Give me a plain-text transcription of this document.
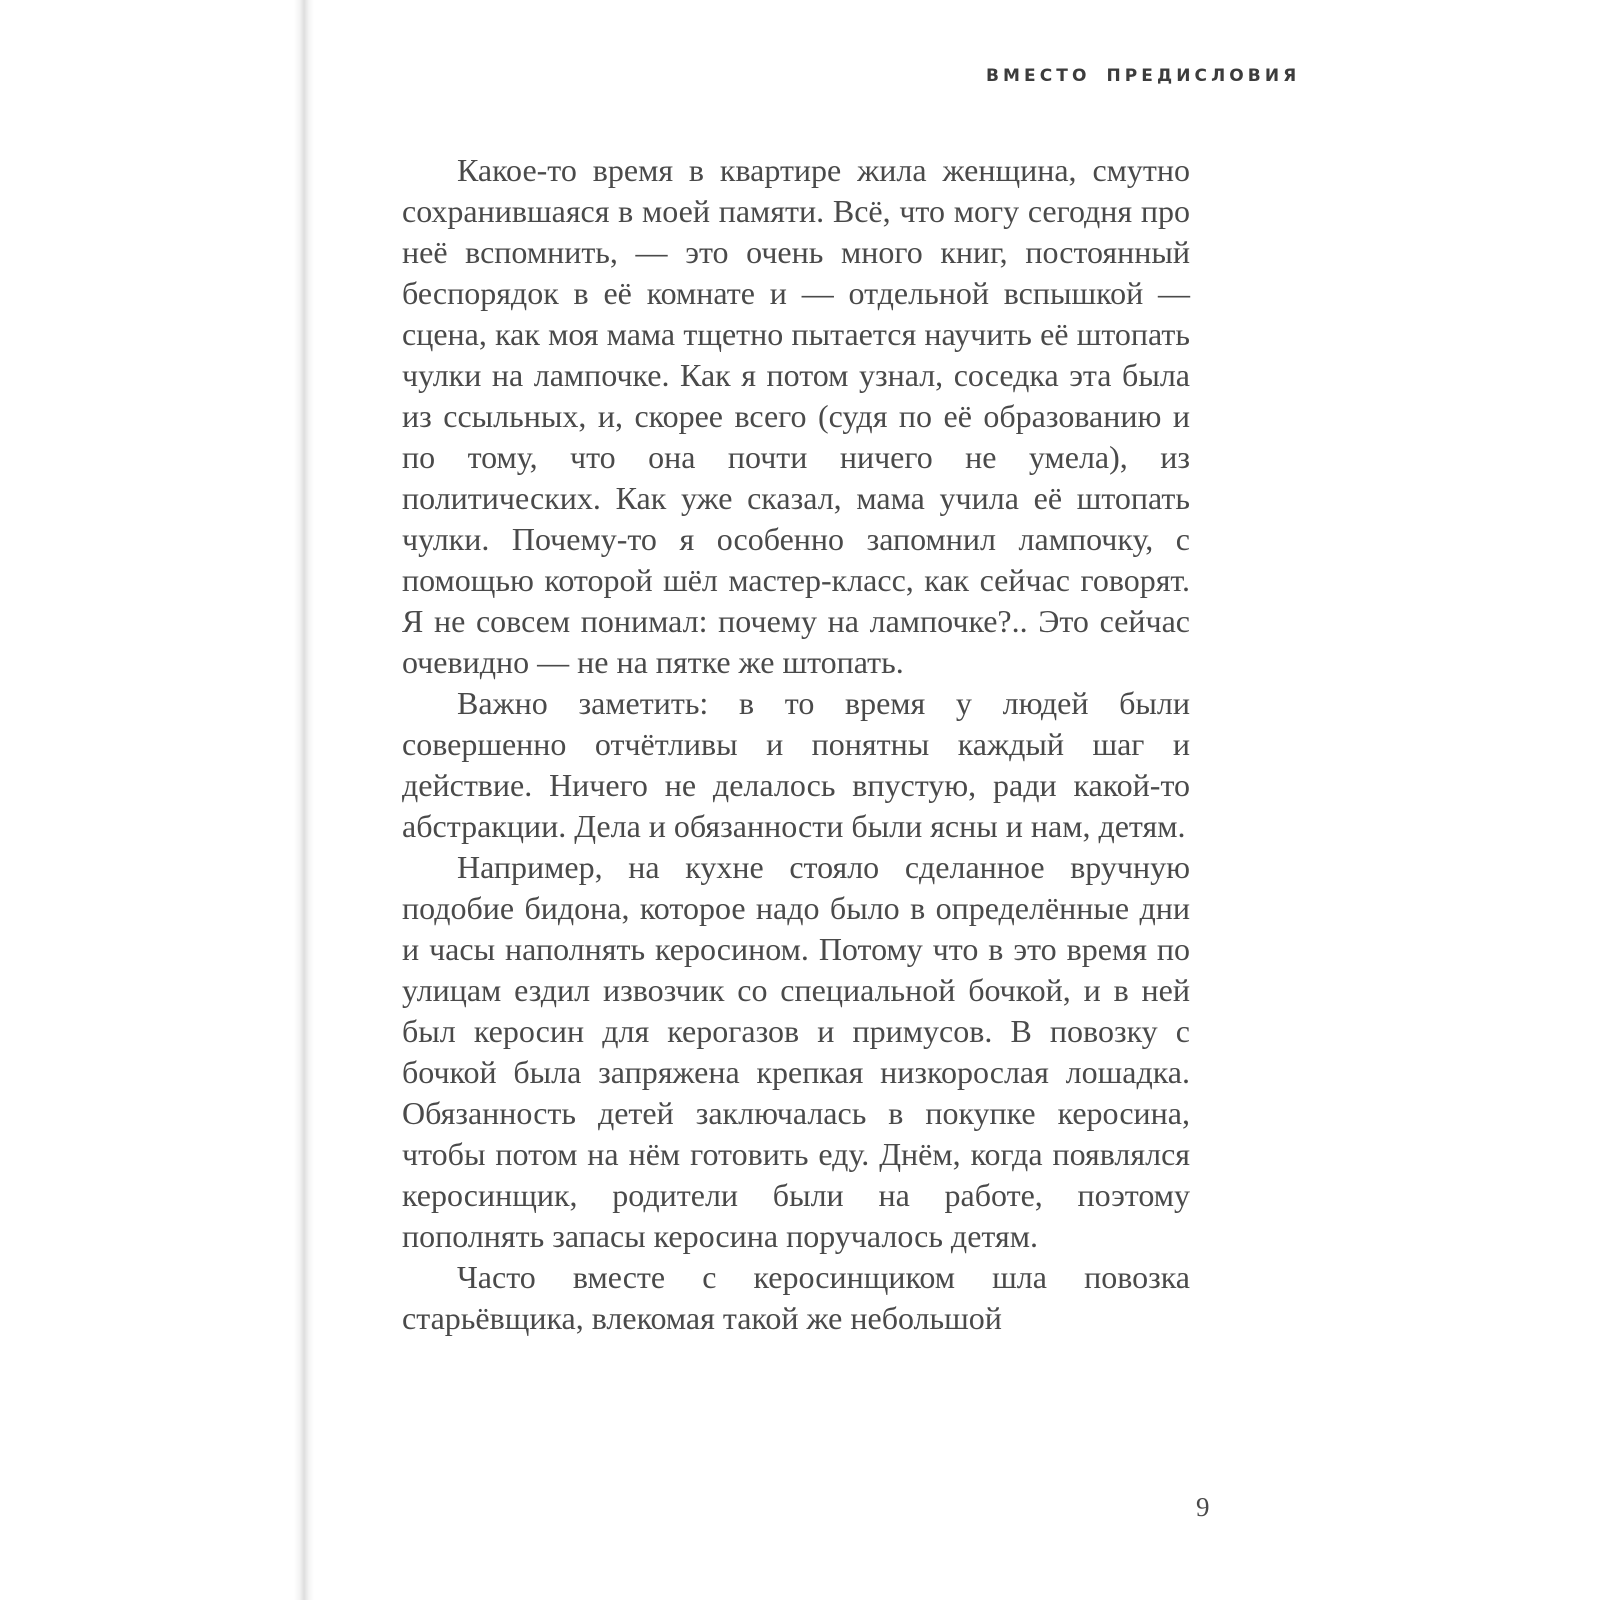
ВМЕСТО ПРЕДИСЛОВИЯ

Какое-то время в квартире жила женщина, смутно сохранившаяся в моей памяти. Всё, что могу сегодня про неё вспомнить, — это очень много книг, постоянный беспорядок в её комнате и — отдельной вспышкой — сцена, как моя мама тщетно пытается научить её штопать чулки на лампочке. Как я потом узнал, соседка эта была из ссыльных, и, скорее всего (судя по её образованию и по тому, что она почти ничего не умела), из политических. Как уже сказал, мама учила её штопать чулки. Почему-то я особенно запомнил лампочку, с помощью которой шёл мастер-класс, как сейчас говорят. Я не совсем понимал: почему на лампочке?.. Это сейчас очевидно — не на пятке же штопать.

Важно заметить: в то время у людей были совершенно отчётливы и понятны каждый шаг и действие. Ничего не делалось впустую, ради какой-то абстракции. Дела и обязанности были ясны и нам, детям.

Например, на кухне стояло сделанное вручную подобие бидона, которое надо было в определённые дни и часы наполнять керосином. Потому что в это время по улицам ездил извозчик со специальной бочкой, и в ней был керосин для керогазов и примусов. В повозку с бочкой была запряжена крепкая низкорослая лошадка. Обязанность детей заключалась в покупке керосина, чтобы потом на нём готовить еду. Днём, когда появлялся керосинщик, родители были на работе, поэтому пополнять запасы керосина поручалось детям.

Часто вместе с керосинщиком шла повозка старьёвщика, влекомая такой же небольшой

9
